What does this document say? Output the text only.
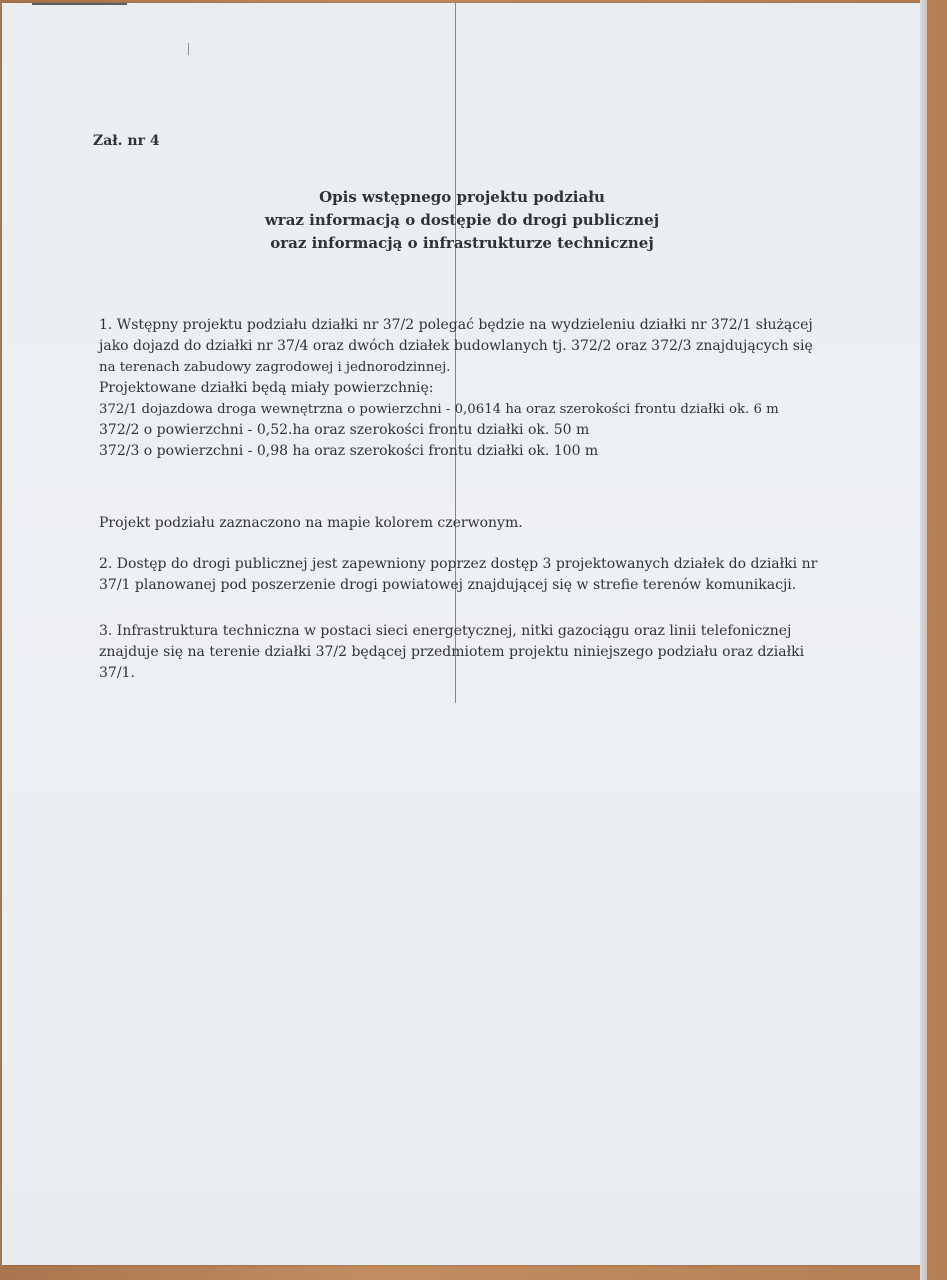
Zał. nr 4

Opis wstępnego projektu podziału
wraz informacją o dostępie do drogi publicznej
oraz informacją o infrastrukturze technicznej
1. Wstępny projektu podziału działki nr 37/2 polegać będzie na wydzieleniu działki nr 372/1 służącej
jako dojazd do działki nr 37/4 oraz dwóch działek budowlanych tj. 372/2 oraz 372/3 znajdujących się
na terenach zabudowy zagrodowej i jednorodzinnej.
Projektowane działki będą miały powierzchnię:
372/1 dojazdowa droga wewnętrzna o powierzchni - 0,0614 ha oraz szerokości frontu działki ok. 6 m
372/2 o powierzchni - 0,52.ha oraz szerokości frontu działki ok. 50 m
372/3 o powierzchni - 0,98 ha oraz szerokości frontu działki ok. 100 m
Projekt podziału zaznaczono na mapie kolorem czerwonym.
2. Dostęp do drogi publicznej jest zapewniony poprzez dostęp 3 projektowanych działek do działki nr
37/1 planowanej pod poszerzenie drogi powiatowej znajdującej się w strefie terenów komunikacji.
3. Infrastruktura techniczna w postaci sieci energetycznej, nitki gazociągu oraz linii telefonicznej
znajduje się na terenie działki 37/2 będącej przedmiotem projektu niniejszego podziału oraz działki
37/1.
